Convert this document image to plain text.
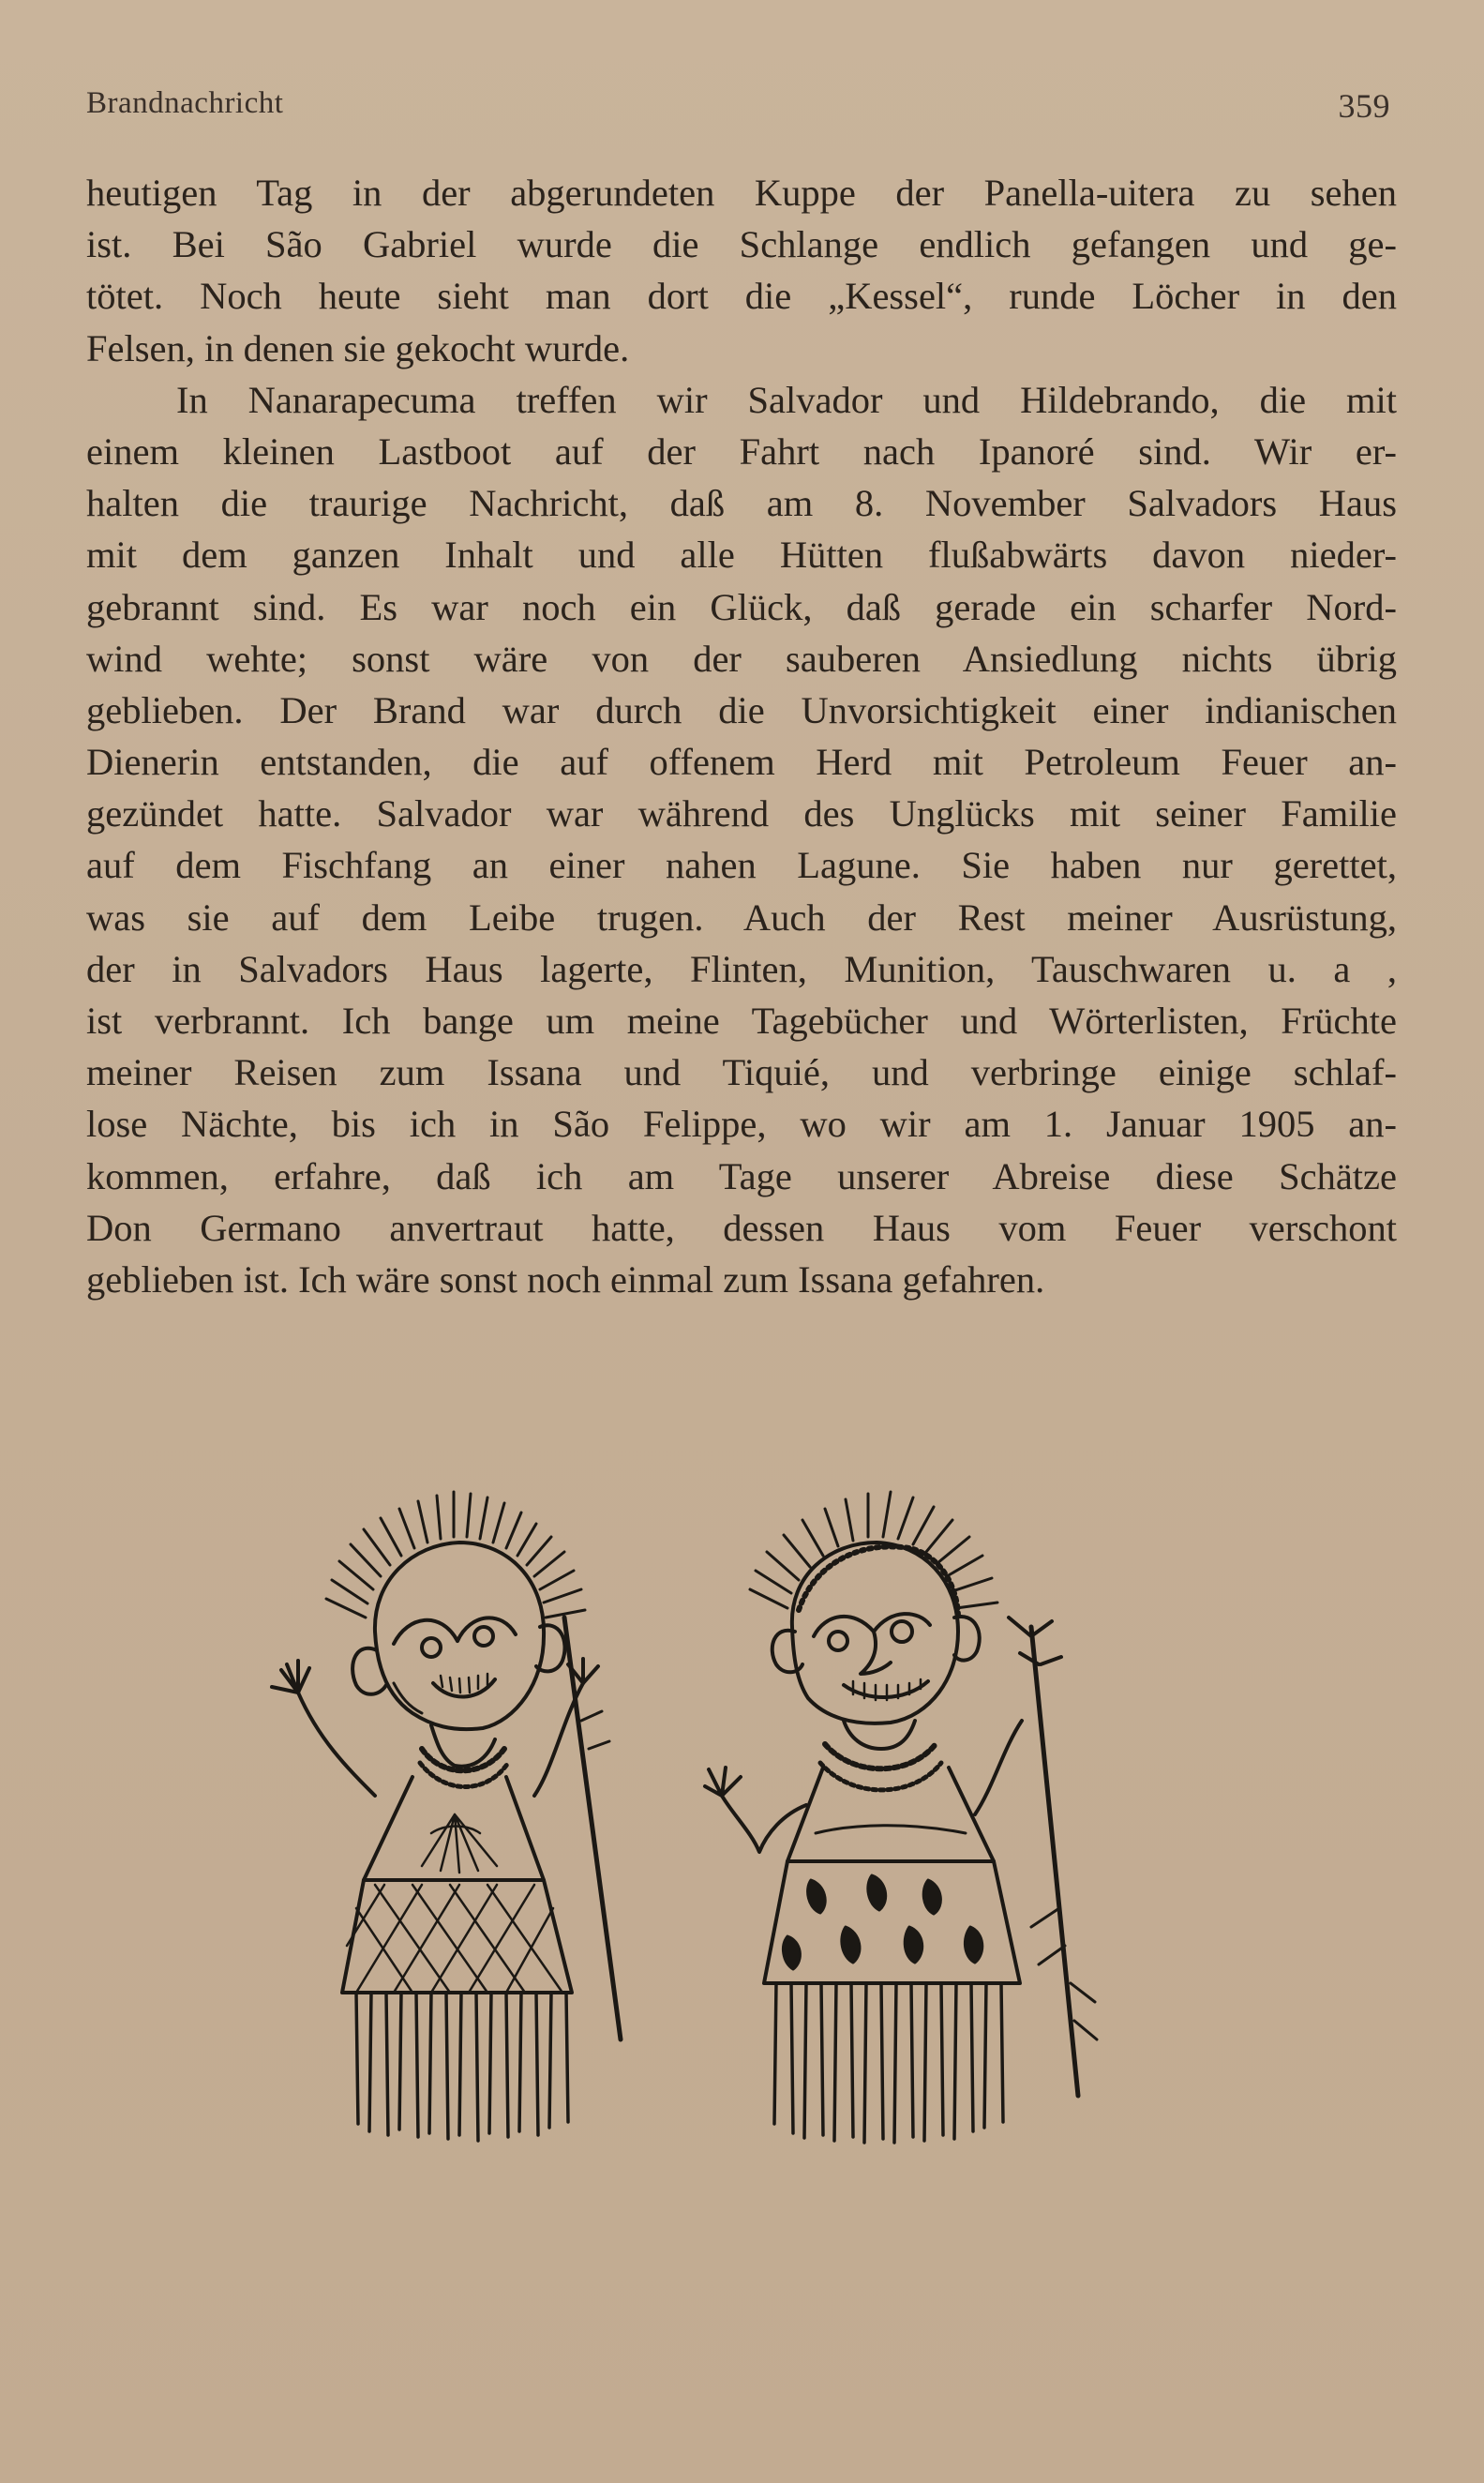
Brandnachricht	359
heutigen Tag in der abgerundeten Kuppe der Panella-uitera zu sehen
ist. Bei São Gabriel wurde die Schlange endlich gefangen und ge-
tötet. Noch heute sieht man dort die „Kessel“, runde Löcher in den
Felsen, in denen sie gekocht wurde.
In Nanarapecuma treffen wir Salvador und Hildebrando, die mit
einem kleinen Lastboot auf der Fahrt nach Ipanoré sind. Wir er-
halten die traurige Nachricht, daß am 8. November Salvadors Haus
mit dem ganzen Inhalt und alle Hütten flußabwärts davon nieder-
gebrannt sind. Es war noch ein Glück, daß gerade ein scharfer Nord-
wind wehte; sonst wäre von der sauberen Ansiedlung nichts übrig
geblieben. Der Brand war durch die Unvorsichtigkeit einer indianischen
Dienerin entstanden, die auf offenem Herd mit Petroleum Feuer an-
gezündet hatte. Salvador war während des Unglücks mit seiner Familie
auf dem Fischfang an einer nahen Lagune. Sie haben nur gerettet,
was sie auf dem Leibe trugen. Auch der Rest meiner Ausrüstung,
der in Salvadors Haus lagerte, Flinten, Munition, Tauschwaren u. a ,
ist verbrannt. Ich bange um meine Tagebücher und Wörterlisten, Früchte
meiner Reisen zum Issana und Tiquié, und verbringe einige schlaf-
lose Nächte, bis ich in São Felippe, wo wir am 1. Januar 1905 an-
kommen, erfahre, daß ich am Tage unserer Abreise diese Schätze
Don Germano anvertraut hatte, dessen Haus vom Feuer verschont
geblieben ist. Ich wäre sonst noch einmal zum Issana gefahren.
